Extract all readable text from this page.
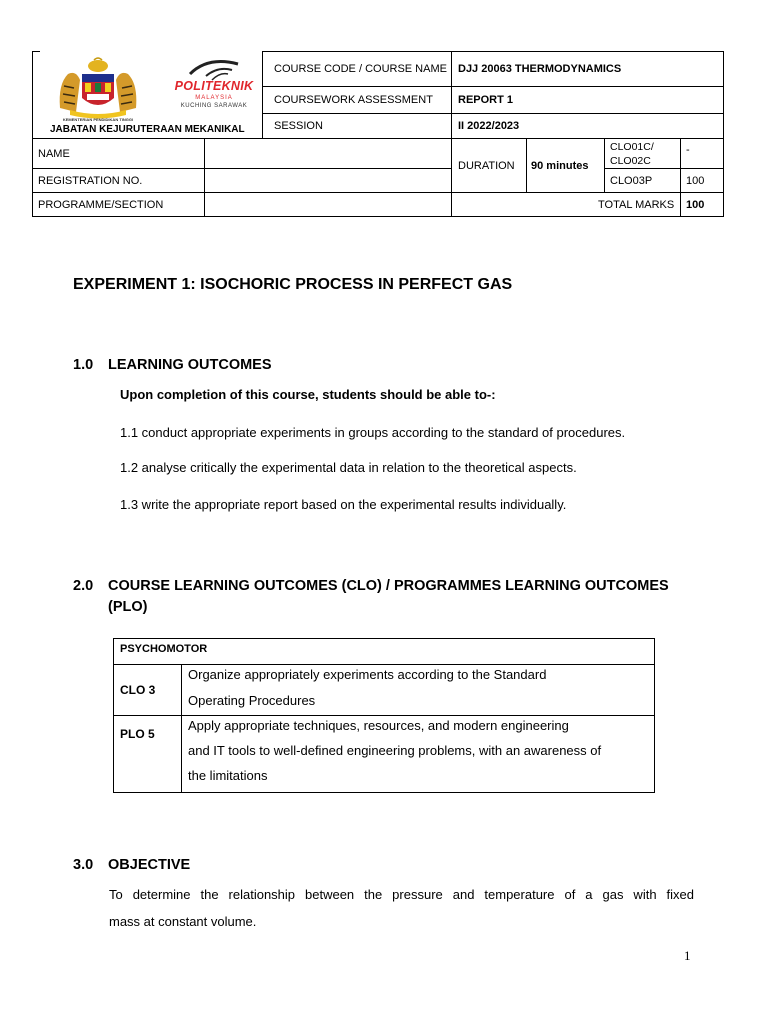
KEMENTERIAN PENDIDIKAN TINGGI
POLITEKNIK
MALAYSIA
KUCHING SARAWAK
JABATAN KEJURUTERAAN MEKANIKAL
COURSE CODE / COURSE NAME DJJ 20063 THERMODYNAMICS
COURSEWORK ASSESSMENT REPORT 1
SESSION	II 2022/2023
NAME
REGISTRATION NO.
PROGRAMME/SECTION
DURATION 90 minutes
CLO01C/
CLO02C
-
CLO03P	100
TOTAL MARKS 100
EXPERIMENT 1: ISOCHORIC PROCESS IN PERFECT GAS
1.0 LEARNING OUTCOMES
Upon completion of this course, students should be able to-:
1.1 conduct appropriate experiments in groups according to the standard of procedures.
1.2 analyse critically the experimental data in relation to the theoretical aspects.
1.3 write the appropriate report based on the experimental results individually.
2.0 COURSE LEARNING OUTCOMES (CLO) / PROGRAMMES LEARNING OUTCOMES
(PLO)
PSYCHOMOTOR
CLO 3
Organize appropriately experiments according to the Standard
Operating Procedures
PLO 5
Apply appropriate techniques, resources, and modern engineering
and IT tools to well-defined engineering problems, with an awareness of
the limitations
3.0 OBJECTIVE
To determine the relationship between the pressure and temperature of a gas with fixed
mass at constant volume.
1
